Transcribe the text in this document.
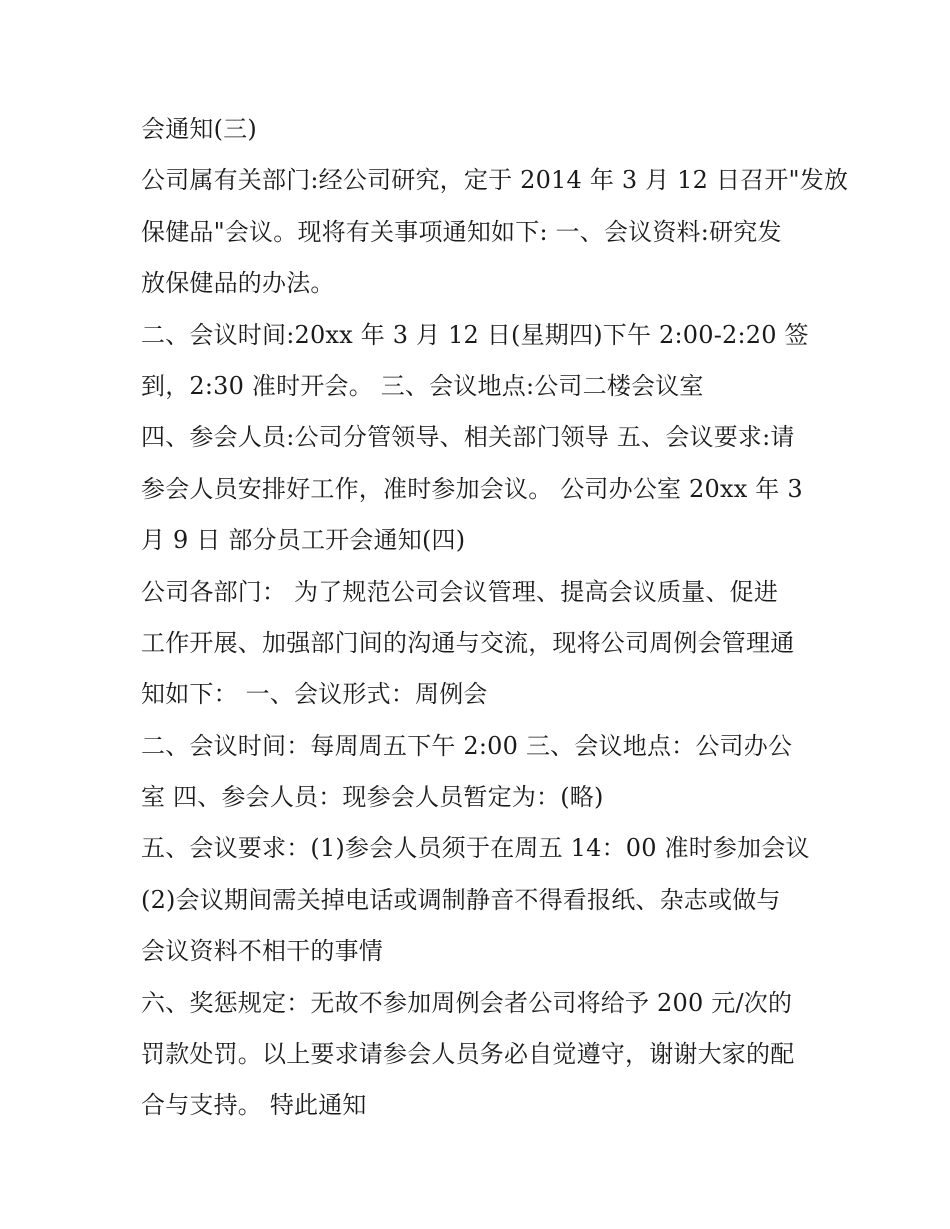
会通知(三)
公司属有关部门:经公司研究，定于 2014 年 3 月 12 日召开"发放
保健品"会议。现将有关事项通知如下: 一、会议资料:研究发
放保健品的办法。
二、会议时间:20xx 年 3 月 12 日(星期四)下午 2:00-2:20 签
到，2:30 准时开会。 三、会议地点:公司二楼会议室
四、参会人员:公司分管领导、相关部门领导 五、会议要求:请
参会人员安排好工作，准时参加会议。 公司办公室 20xx 年 3
月 9 日 部分员工开会通知(四)
公司各部门： 为了规范公司会议管理、提高会议质量、促进
工作开展、加强部门间的沟通与交流，现将公司周例会管理通
知如下： 一、会议形式：周例会
二、会议时间：每周周五下午 2:00 三、会议地点：公司办公
室 四、参会人员：现参会人员暂定为：(略)
五、会议要求：(1)参会人员须于在周五 14：00 准时参加会议
(2)会议期间需关掉电话或调制静音不得看报纸、杂志或做与
会议资料不相干的事情
六、奖惩规定：无故不参加周例会者公司将给予 200 元/次的
罚款处罚。以上要求请参会人员务必自觉遵守，谢谢大家的配
合与支持。 特此通知
